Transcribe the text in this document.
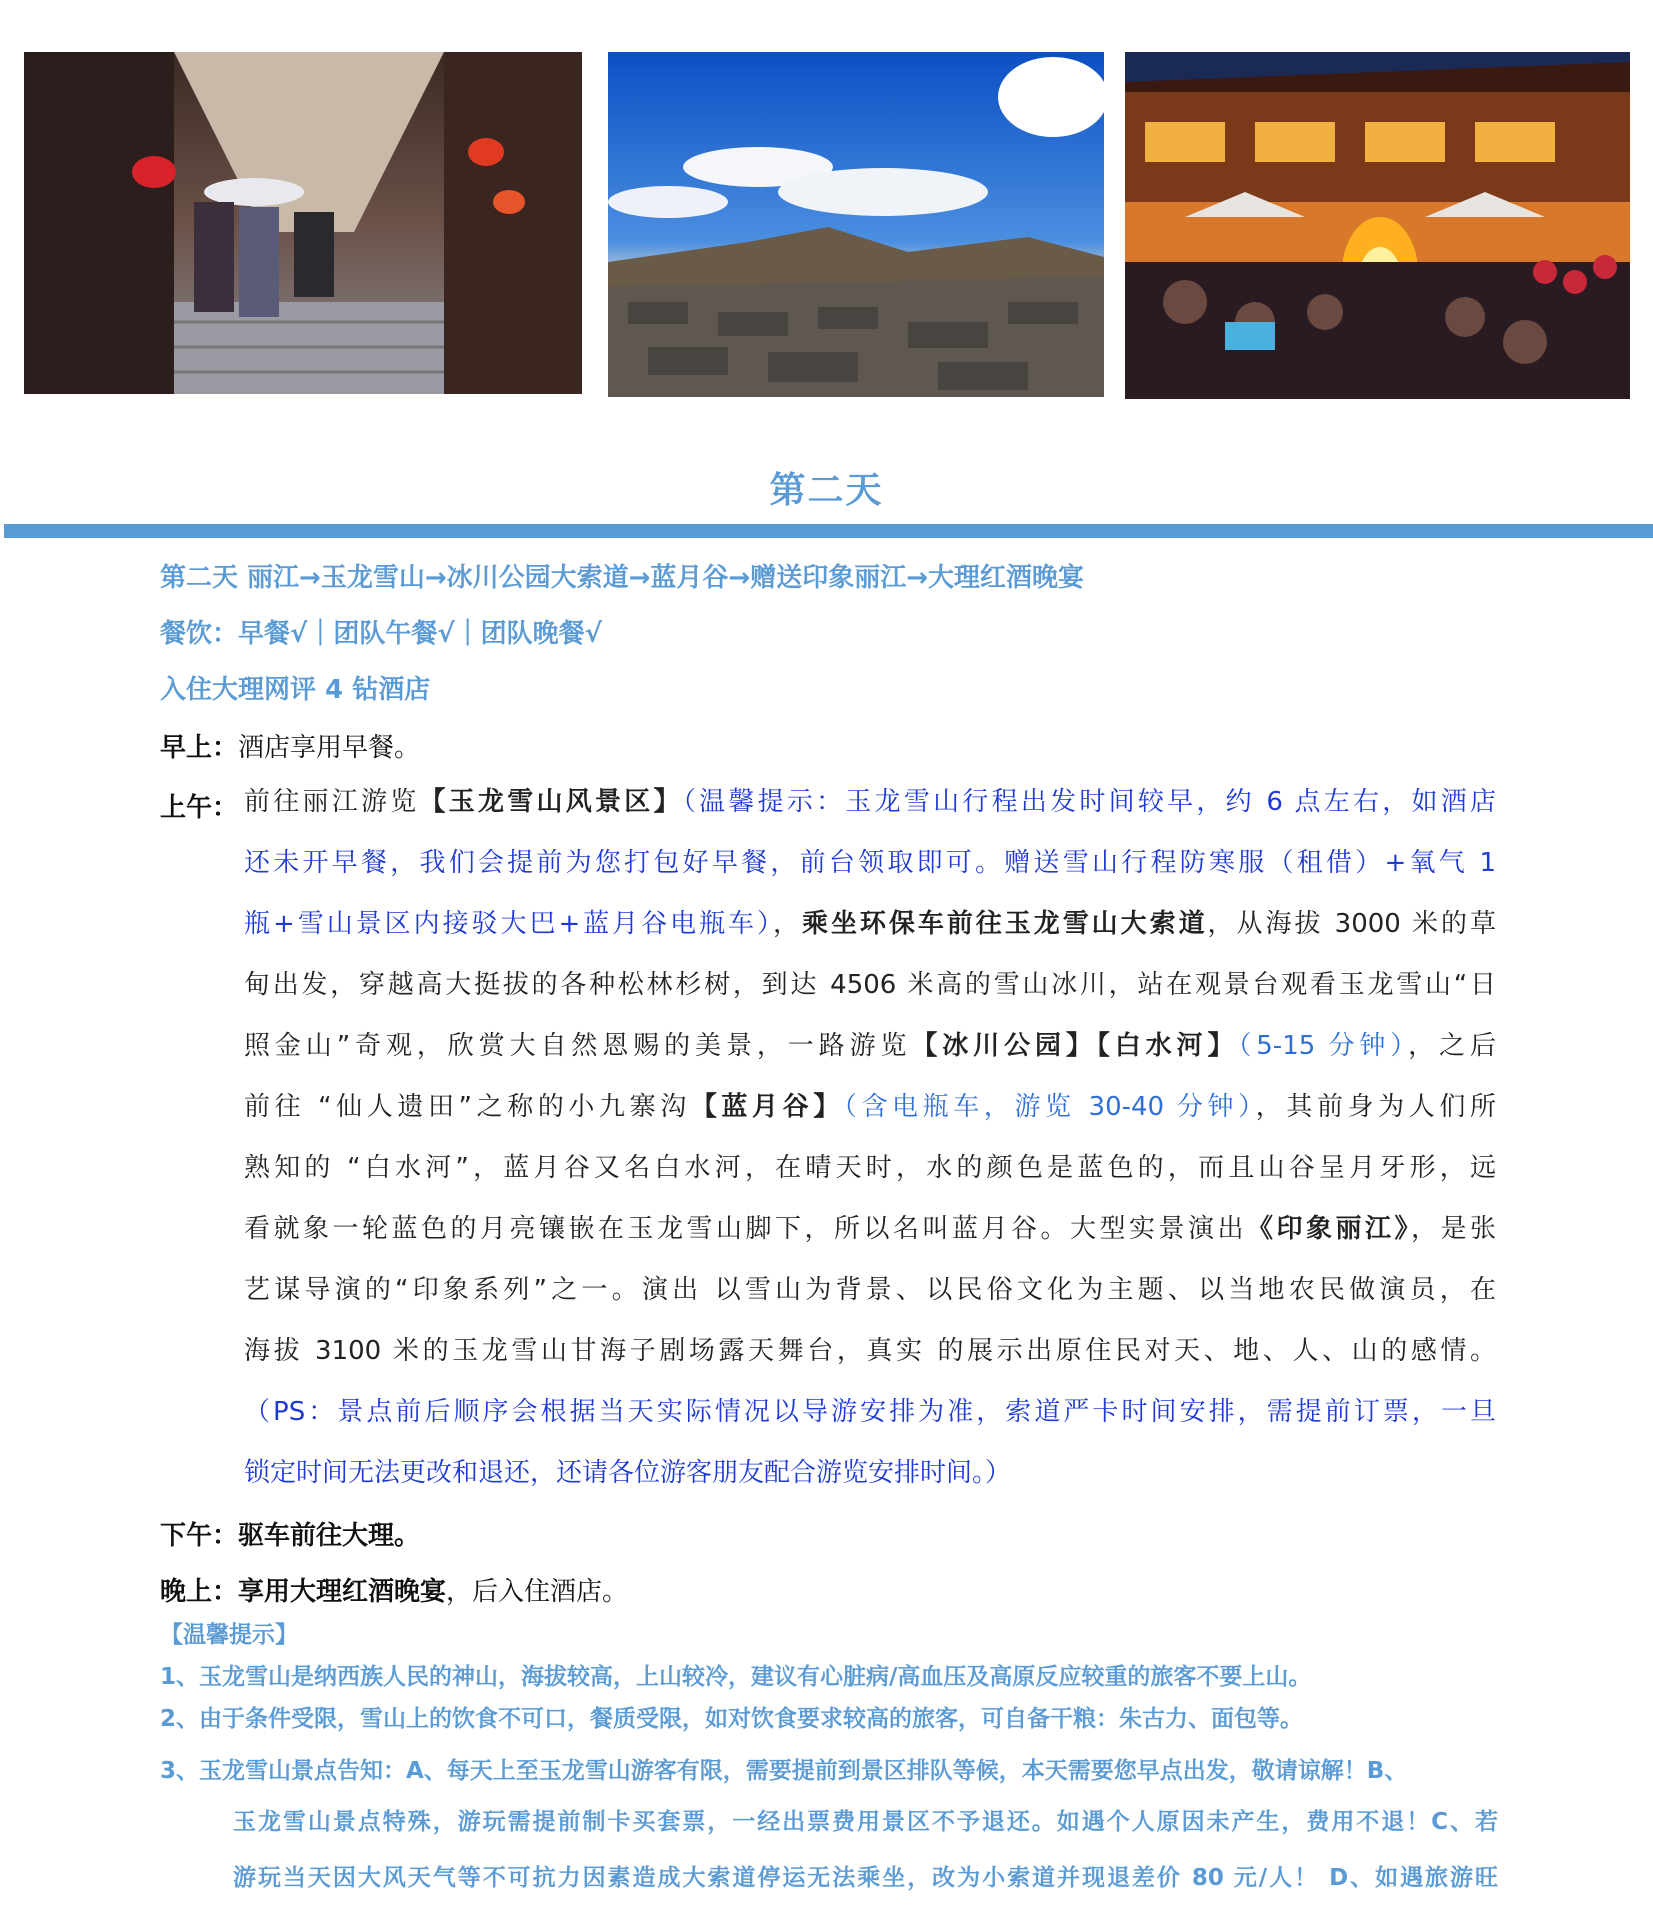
第二天
第二天 丽江→玉龙雪山→冰川公园大索道→蓝月谷→赠送印象丽江→大理红酒晚宴
餐饮：早餐√｜团队午餐√｜团队晚餐√
入住大理网评 4 钻酒店
早上：酒店享用早餐。
上午： 前往丽江游览【玉龙雪山风景区】（温馨提示：玉龙雪山行程出发时间较早，约 6 点左右，如酒店
还未开早餐，我们会提前为您打包好早餐，前台领取即可。赠送雪山行程防寒服（租借）+氧气 1
瓶+雪山景区内接驳大巴+蓝月谷电瓶车），乘坐环保车前往玉龙雪山大索道，从海拔 3000 米的草
甸出发，穿越高大挺拔的各种松林杉树，到达 4506 米高的雪山冰川，站在观景台观看玉龙雪山“日
照金山”奇观，欣赏大自然恩赐的美景，一路游览【冰川公园】【白水河】（5-15 分钟），之后
前往 “仙人遗田”之称的小九寨沟【蓝月谷】（含电瓶车，游览 30-40 分钟），其前身为人们所
熟知的 “白水河”，蓝月谷又名白水河，在晴天时，水的颜色是蓝色的，而且山谷呈月牙形，远
看就象一轮蓝色的月亮镶嵌在玉龙雪山脚下，所以名叫蓝月谷。大型实景演出《印象丽江》，是张
艺谋导演的“印象系列”之一。演出 以雪山为背景、以民俗文化为主题、以当地农民做演员，在
海拔 3100 米的玉龙雪山甘海子剧场露天舞台，真实 的展示出原住民对天、地、人、山的感情。
（PS：景点前后顺序会根据当天实际情况以导游安排为准，索道严卡时间安排，需提前订票，一旦
锁定时间无法更改和退还，还请各位游客朋友配合游览安排时间。）
下午：驱车前往大理。
晚上：享用大理红酒晚宴，后入住酒店。
【温馨提示】
1、玉龙雪山是纳西族人民的神山，海拔较高，上山较冷，建议有心脏病/高血压及高原反应较重的旅客不要上山。
2、由于条件受限，雪山上的饮食不可口，餐质受限，如对饮食要求较高的旅客，可自备干粮：朱古力、面包等。
3、玉龙雪山景点告知：A、每天上至玉龙雪山游客有限，需要提前到景区排队等候，本天需要您早点出发，敬请谅解！B、
玉龙雪山景点特殊，游玩需提前制卡买套票，一经出票费用景区不予退还。如遇个人原因未产生，费用不退！C、若
游玩当天因大风天气等不可抗力因素造成大索道停运无法乘坐，改为小索道并现退差价 80 元/人！ D、如遇旅游旺
